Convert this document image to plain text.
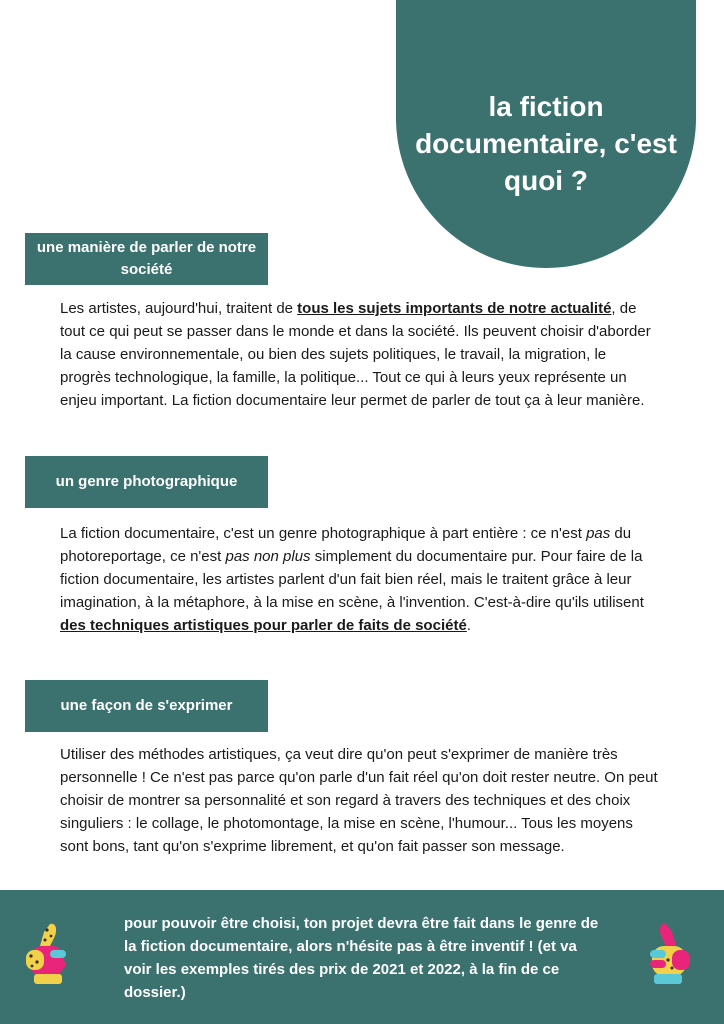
la fiction documentaire, c'est quoi ?
une manière de parler de notre société
Les artistes, aujourd'hui, traitent de tous les sujets importants de notre actualité, de tout ce qui peut se passer dans le monde et dans la société. Ils peuvent choisir d'aborder la cause environnementale, ou bien des sujets politiques, le travail, la migration, le progrès technologique, la famille, la politique... Tout ce qui à leurs yeux représente un enjeu important. La fiction documentaire leur permet de parler de tout ça à leur manière.
un genre photographique
La fiction documentaire, c'est un genre photographique à part entière : ce n'est pas du photoreportage, ce n'est pas non plus simplement du documentaire pur. Pour faire de la fiction documentaire, les artistes parlent d'un fait bien réel, mais le traitent grâce à leur imagination, à la métaphore, à la mise en scène, à l'invention. C'est-à-dire qu'ils utilisent des techniques artistiques pour parler de faits de société.
une façon de s'exprimer
Utiliser des méthodes artistiques, ça veut dire qu'on peut s'exprimer de manière très personnelle ! Ce n'est pas parce qu'on parle d'un fait réel qu'on doit rester neutre. On peut choisir de montrer sa personnalité et son regard à travers des techniques et des choix singuliers : le collage, le photomontage, la mise en scène, l'humour... Tous les moyens sont bons, tant qu'on s'exprime librement, et qu'on fait passer son message.
pour pouvoir être choisi, ton projet devra être fait dans le genre de la fiction documentaire, alors n'hésite pas à être inventif ! (et va voir les exemples tirés des prix de 2021 et 2022, à la fin de ce dossier.)
